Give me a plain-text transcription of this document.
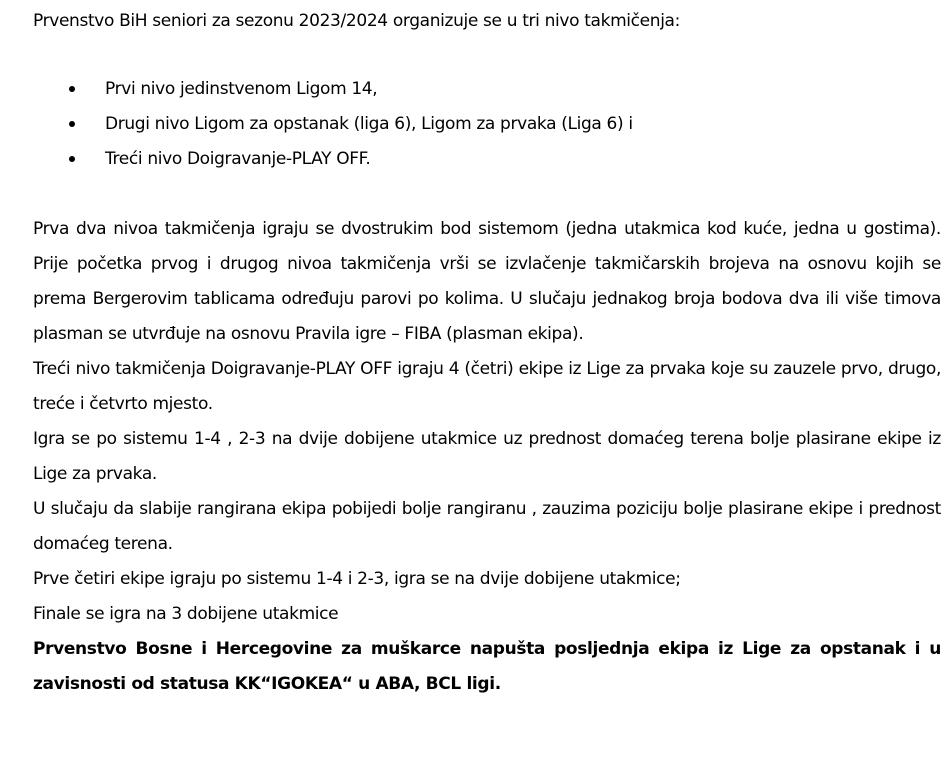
Prvenstvo BiH seniori za sezonu 2023/2024 organizuje se u tri nivo takmičenja:

Prvi nivo jedinstvenom Ligom 14,
Drugi nivo Ligom za opstanak (liga 6), Ligom za prvaka (Liga 6) i
Treći nivo Doigravanje-PLAY OFF.

Prva dva nivoa takmičenja igraju se dvostrukim bod sistemom (jedna utakmica kod kuće, jedna u gostima). Prije početka prvog i drugog nivoa takmičenja vrši se izvlačenje takmičarskih brojeva na osnovu kojih se prema Bergerovim tablicama određuju parovi po kolima. U slučaju jednakog broja bodova dva ili više timova plasman se utvrđuje na osnovu Pravila igre – FIBA (plasman ekipa).

Treći nivo takmičenja Doigravanje-PLAY OFF igraju 4 (četri) ekipe iz Lige za prvaka koje su zauzele prvo, drugo, treće i četvrto mjesto.

Igra se po sistemu 1-4 , 2-3 na dvije dobijene utakmice uz prednost domaćeg terena bolje plasirane ekipe iz Lige za prvaka.

U slučaju da slabije rangirana ekipa pobijedi bolje rangiranu , zauzima poziciju bolje plasirane ekipe i prednost domaćeg terena.

Prve četiri ekipe igraju po sistemu 1-4 i 2-3, igra se na dvije dobijene utakmice;

Finale se igra na 3 dobijene utakmice

Prvenstvo Bosne i Hercegovine za muškarce napušta posljednja ekipa iz Lige za opstanak i u zavisnosti od statusa KK“IGOKEA“ u ABA, BCL ligi.
